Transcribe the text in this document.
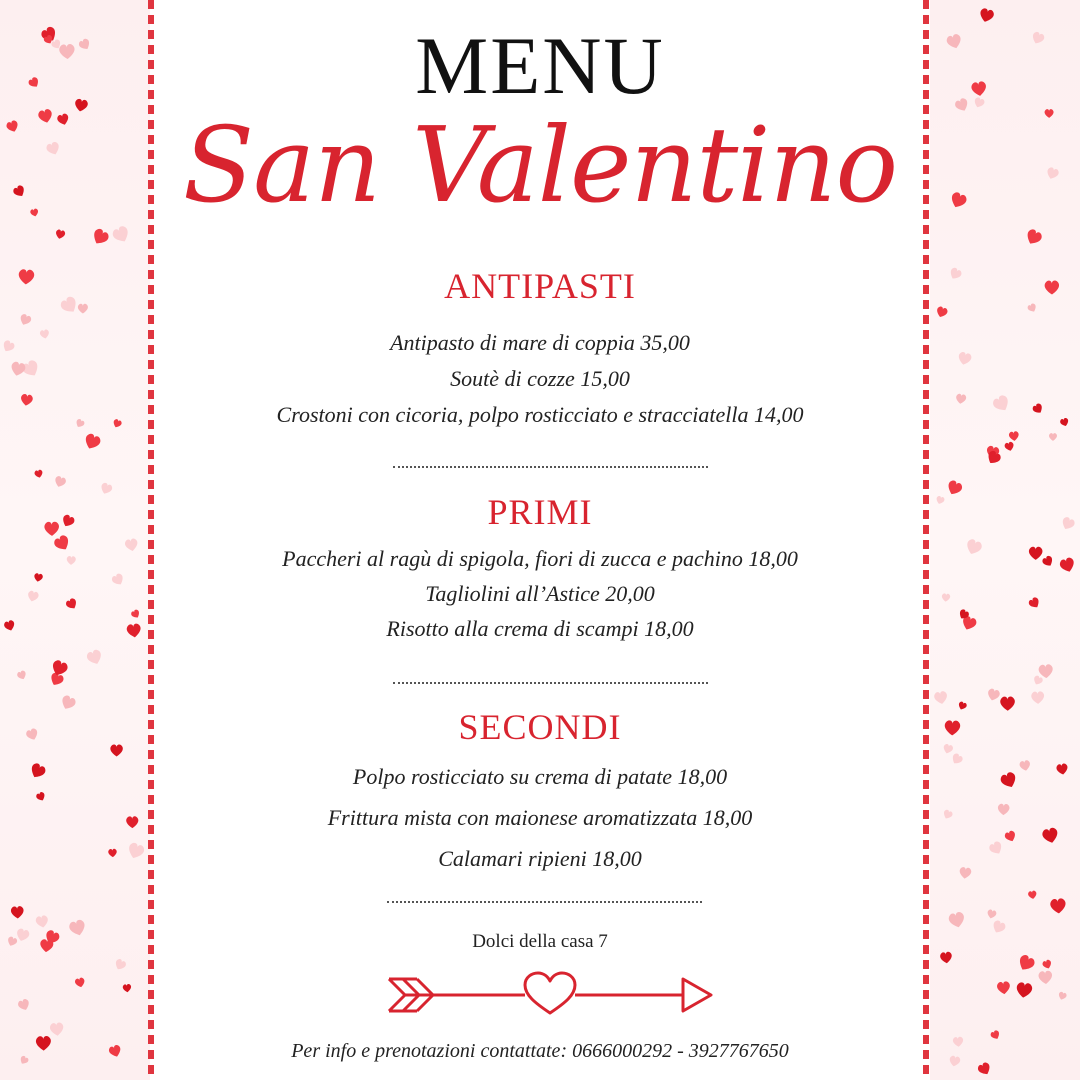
MENU
San Valentino
ANTIPASTI
Antipasto di mare di coppia 35,00
Soutè di cozze 15,00
Crostoni con cicoria, polpo rosticciato e stracciatella 14,00
PRIMI
Paccheri al ragù di spigola, fiori di zucca e pachino 18,00
Tagliolini all’Astice 20,00
Risotto alla crema di scampi 18,00
SECONDI
Polpo rosticciato su crema di patate 18,00
Frittura mista con maionese aromatizzata 18,00
Calamari ripieni 18,00
Dolci della casa 7
Per info e prenotazioni contattate: 0666000292 - 3927767650
